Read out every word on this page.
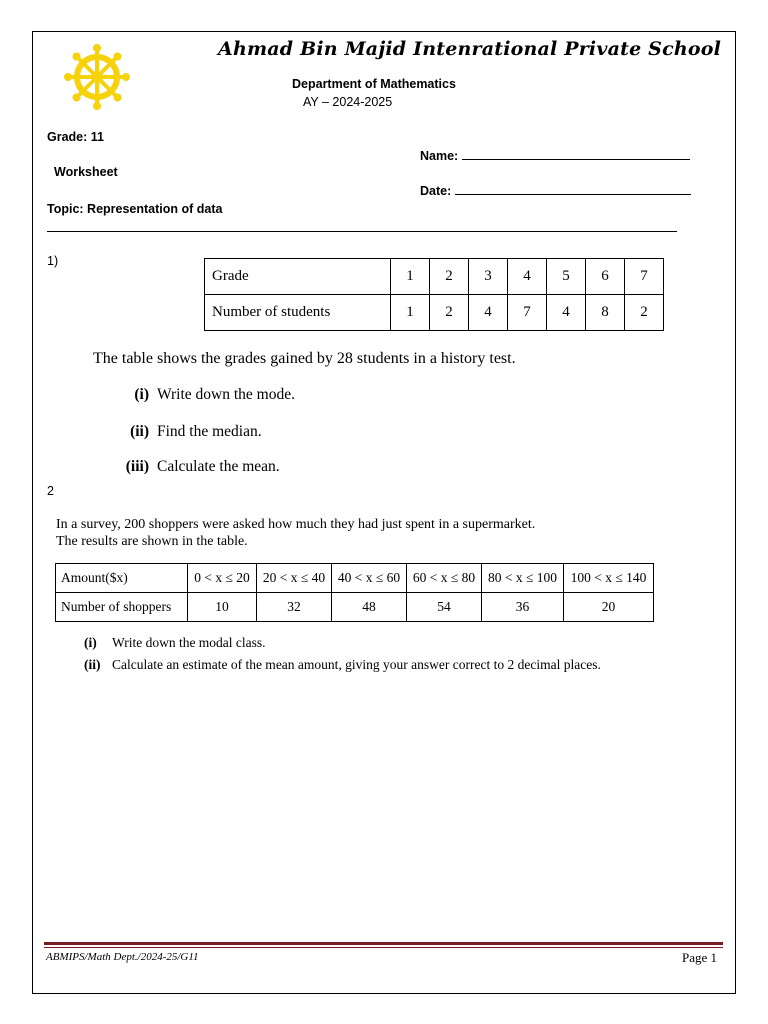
Ahmad Bin Majid Intenrational Private School
Department of Mathematics
AY – 2024-2025
Grade: 11
Worksheet
Topic: Representation of data
Name:
Date:
1)
Grade	1	2	3	4	5	6	7
Number of students	1	2	4	7	4	8	2
The table shows the grades gained by 28 students in a history test.
(i) Write down the mode.
(ii) Find the median.
(iii) Calculate the mean.
2
In a survey, 200 shoppers were asked how much they had just spent in a supermarket.
The results are shown in the table.
Amount($x)	0 < x ≤ 20	20 < x ≤ 40	40 < x ≤ 60	60 < x ≤ 80	80 < x ≤ 100	100 < x ≤ 140
Number of shoppers	10	32	48	54	36	20
(i) Write down the modal class.
(ii) Calculate an estimate of the mean amount, giving your answer correct to 2 decimal places.
ABMIPS/Math Dept./2024-25/G11	Page 1
